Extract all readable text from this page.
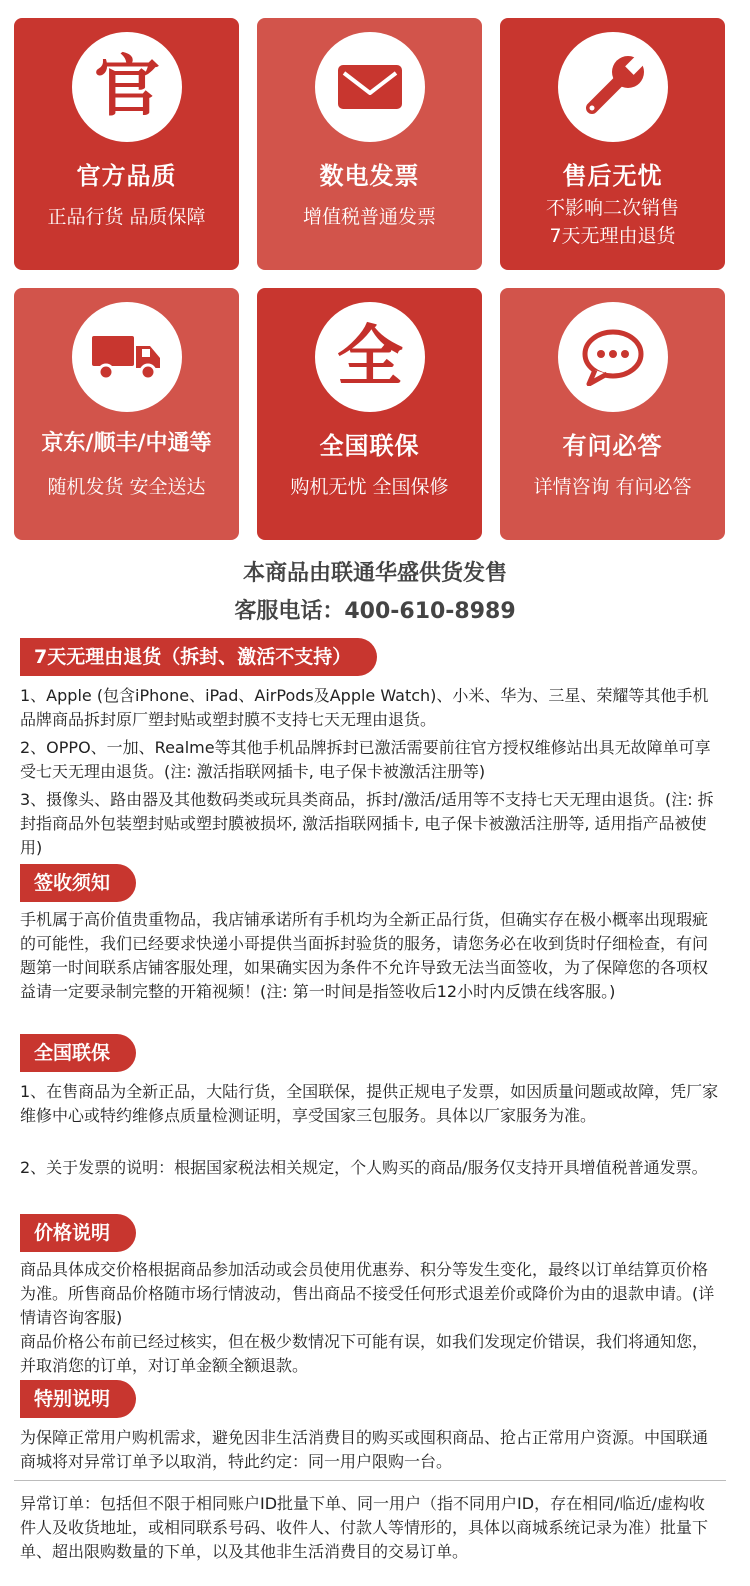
官
官方品质
正品行货 品质保障
数电发票
增值税普通发票
售后无忧
不影响二次销售
7天无理由退货
京东/顺丰/中通等
随机发货 安全送达
全
全国联保
购机无忧 全国保修
有问必答
详情咨询 有问必答
本商品由联通华盛供货发售
客服电话：400-610-8989
7天无理由退货（拆封、激活不支持）
1、Apple (包含iPhone、iPad、AirPods及Apple Watch)、小米、华为、三星、荣耀等其他手机品牌商品拆封原厂塑封贴或塑封膜不支持七天无理由退货。
2、OPPO、一加、Realme等其他手机品牌拆封已激活需要前往官方授权维修站出具无故障单可享受七天无理由退货。(注: 激活指联网插卡, 电子保卡被激活注册等)
3、摄像头、路由器及其他数码类或玩具类商品，拆封/激活/适用等不支持七天无理由退货。(注: 拆封指商品外包装塑封贴或塑封膜被损坏, 激活指联网插卡, 电子保卡被激活注册等, 适用指产品被使用)
签收须知
手机属于高价值贵重物品，我店铺承诺所有手机均为全新正品行货，但确实存在极小概率出现瑕疵的可能性，我们已经要求快递小哥提供当面拆封验货的服务，请您务必在收到货时仔细检查，有问题第一时间联系店铺客服处理，如果确实因为条件不允许导致无法当面签收，为了保障您的各项权益请一定要录制完整的开箱视频！(注: 第一时间是指签收后12小时内反馈在线客服。)
全国联保
1、在售商品为全新正品，大陆行货，全国联保，提供正规电子发票，如因质量问题或故障，凭厂家维修中心或特约维修点质量检测证明，享受国家三包服务。具体以厂家服务为准。
2、关于发票的说明：根据国家税法相关规定，个人购买的商品/服务仅支持开具增值税普通发票。
价格说明
商品具体成交价格根据商品参加活动或会员使用优惠券、积分等发生变化，最终以订单结算页价格为准。所售商品价格随市场行情波动，售出商品不接受任何形式退差价或降价为由的退款申请。(详情请咨询客服)
商品价格公布前已经过核实，但在极少数情况下可能有误，如我们发现定价错误，我们将通知您，并取消您的订单，对订单金额全额退款。
特别说明
为保障正常用户购机需求，避免因非生活消费目的购买或囤积商品、抢占正常用户资源。中国联通商城将对异常订单予以取消，特此约定：同一用户限购一台。
异常订单：包括但不限于相同账户ID批量下单、同一用户（指不同用户ID，存在相同/临近/虚构收件人及收货地址，或相同联系号码、收件人、付款人等情形的，具体以商城系统记录为准）批量下单、超出限购数量的下单，以及其他非生活消费目的交易订单。
